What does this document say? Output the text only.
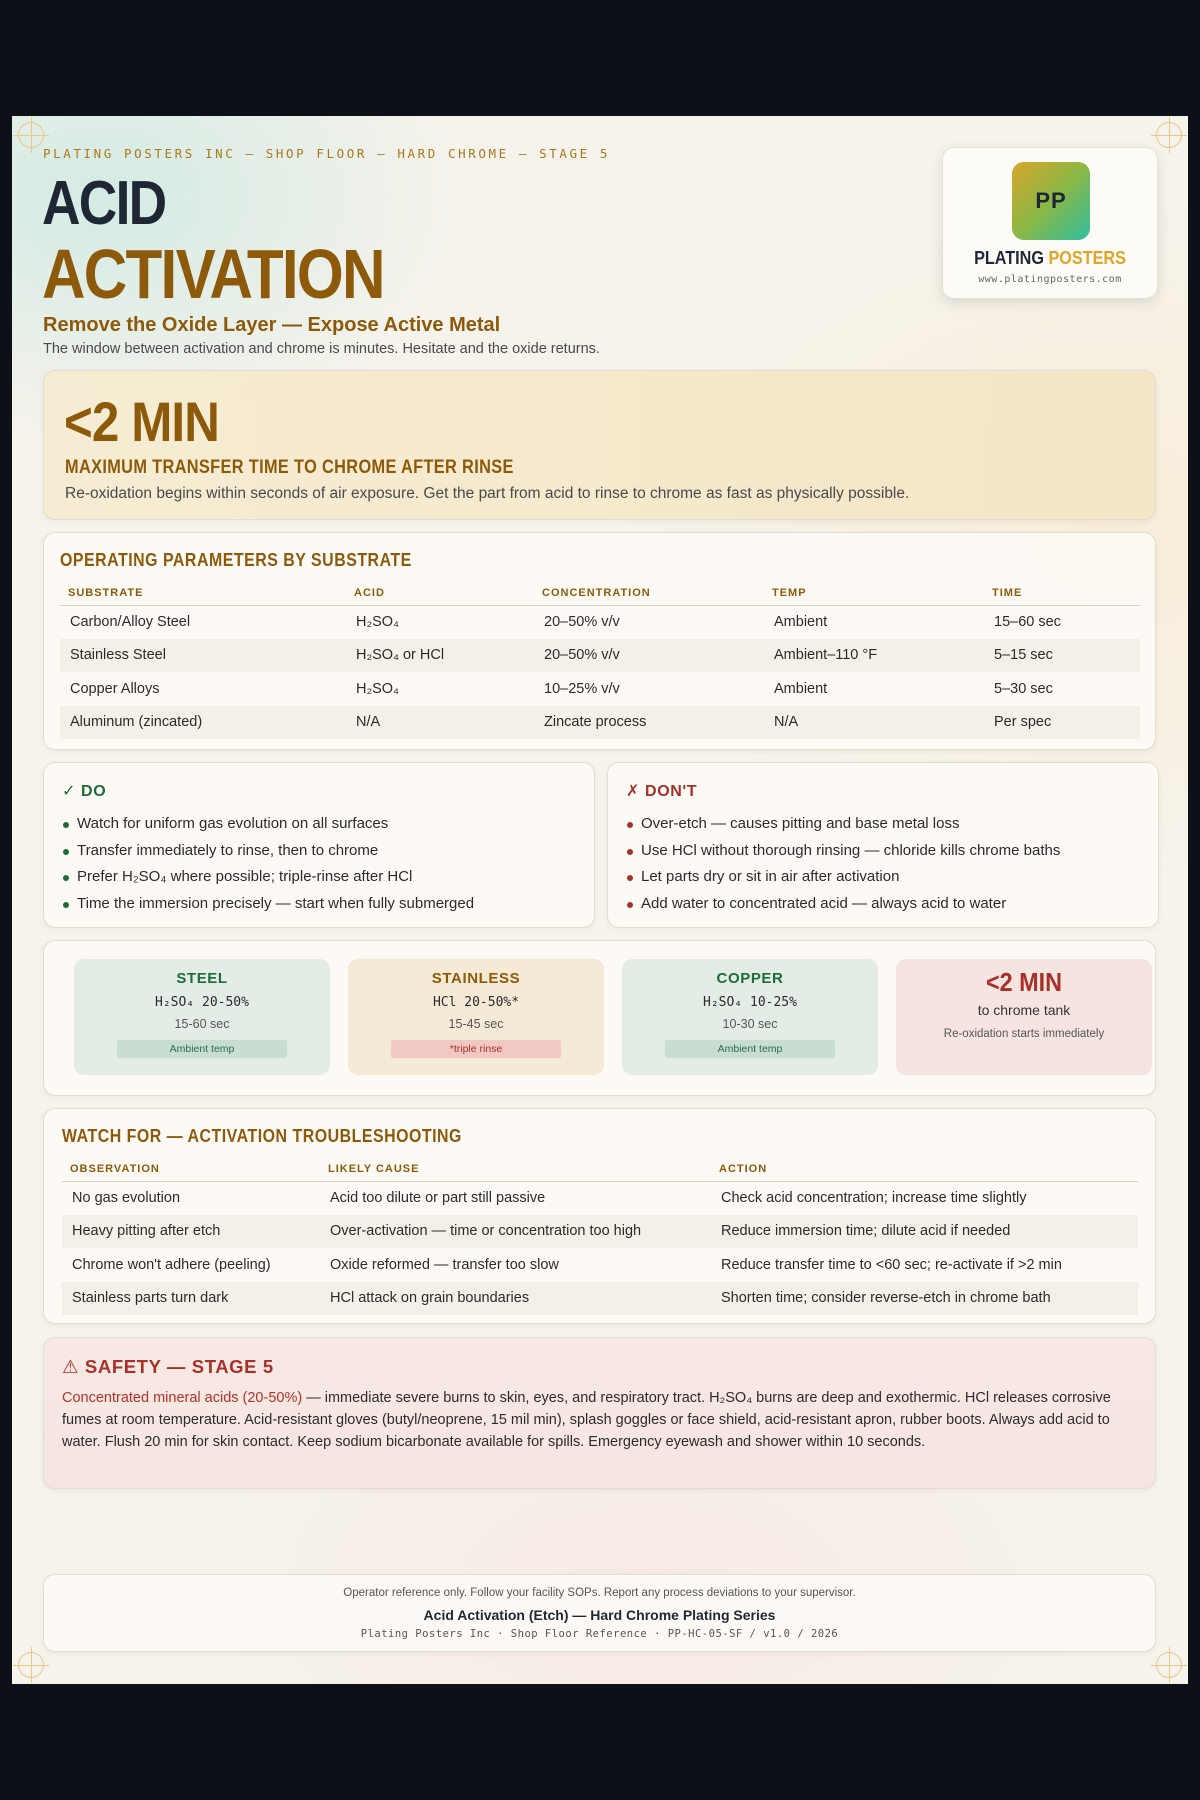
PLATING POSTERS INC — SHOP FLOOR — HARD CHROME — STAGE 5
ACID
ACTIVATION
Remove the Oxide Layer — Expose Active Metal
The window between activation and chrome is minutes. Hesitate and the oxide returns.
PP
PLATING POSTERS
www.platingposters.com
<2 MIN
MAXIMUM TRANSFER TIME TO CHROME AFTER RINSE
Re-oxidation begins within seconds of air exposure. Get the part from acid to rinse to chrome as fast as physically possible.
OPERATING PARAMETERS BY SUBSTRATE
SUBSTRATE	ACID	CONCENTRATION	TEMP	TIME
Carbon/Alloy Steel	H₂SO₄	20–50% v/v	Ambient	15–60 sec
Stainless Steel	H₂SO₄ or HCl	20–50% v/v	Ambient–110 °F	5–15 sec
Copper Alloys	H₂SO₄	10–25% v/v	Ambient	5–30 sec
Aluminum (zincated)	N/A	Zincate process	N/A	Per spec
✓ DO
Watch for uniform gas evolution on all surfaces
Transfer immediately to rinse, then to chrome
Prefer H₂SO₄ where possible; triple-rinse after HCl
Time the immersion precisely — start when fully submerged
✗ DON'T
Over-etch — causes pitting and base metal loss
Use HCl without thorough rinsing — chloride kills chrome baths
Let parts dry or sit in air after activation
Add water to concentrated acid — always acid to water
STEEL
H₂SO₄ 20-50%
15-60 sec
Ambient temp
STAINLESS
HCl 20-50%*
15-45 sec
*triple rinse
COPPER
H₂SO₄ 10-25%
10-30 sec
Ambient temp
<2 MIN
to chrome tank
Re-oxidation starts immediately
WATCH FOR — ACTIVATION TROUBLESHOOTING
OBSERVATION	LIKELY CAUSE	ACTION
No gas evolution	Acid too dilute or part still passive	Check acid concentration; increase time slightly
Heavy pitting after etch	Over-activation — time or concentration too high	Reduce immersion time; dilute acid if needed
Chrome won't adhere (peeling)	Oxide reformed — transfer too slow	Reduce transfer time to <60 sec; re-activate if >2 min
Stainless parts turn dark	HCl attack on grain boundaries	Shorten time; consider reverse-etch in chrome bath
⚠ SAFETY — STAGE 5
Concentrated mineral acids (20-50%) — immediate severe burns to skin, eyes, and respiratory tract. H₂SO₄ burns are deep and exothermic. HCl releases corrosive fumes at room temperature. Acid-resistant gloves (butyl/neoprene, 15 mil min), splash goggles or face shield, acid-resistant apron, rubber boots. Always add acid to water. Flush 20 min for skin contact. Keep sodium bicarbonate available for spills. Emergency eyewash and shower within 10 seconds.
Operator reference only. Follow your facility SOPs. Report any process deviations to your supervisor.
Acid Activation (Etch) — Hard Chrome Plating Series
Plating Posters Inc · Shop Floor Reference · PP-HC-05-SF / v1.0 / 2026
